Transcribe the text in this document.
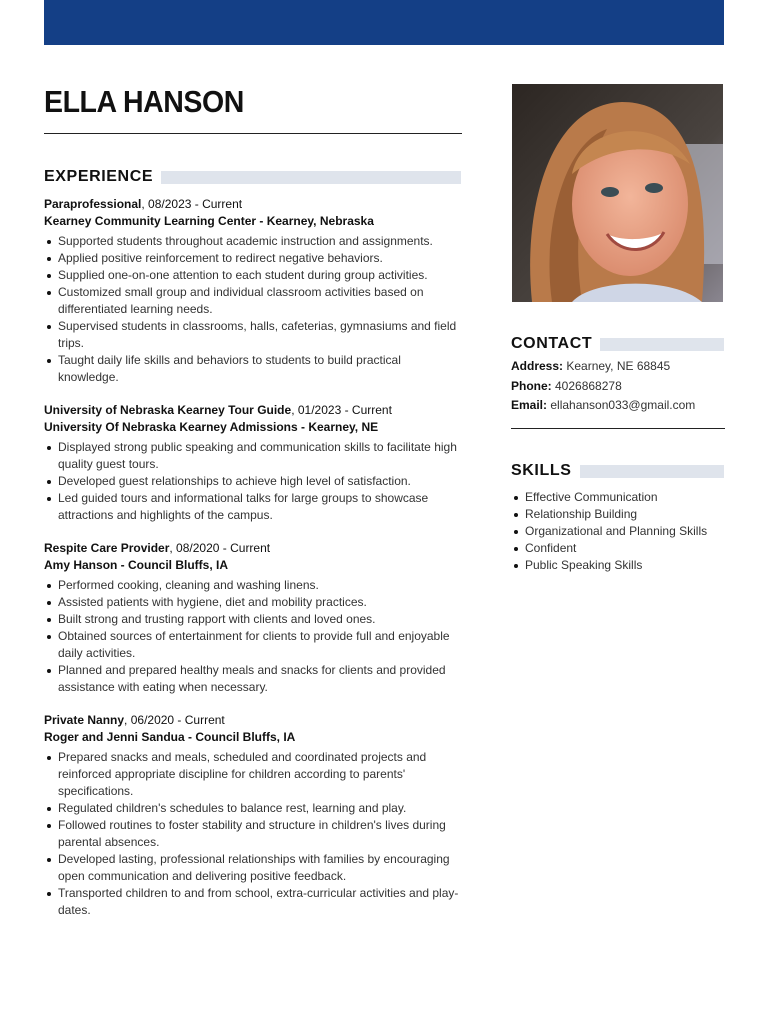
ELLA HANSON
EXPERIENCE
Paraprofessional, 08/2023 - Current
Kearney Community Learning Center - Kearney, Nebraska
Supported students throughout academic instruction and assignments.
Applied positive reinforcement to redirect negative behaviors.
Supplied one-on-one attention to each student during group activities.
Customized small group and individual classroom activities based on differentiated learning needs.
Supervised students in classrooms, halls, cafeterias, gymnasiums and field trips.
Taught daily life skills and behaviors to students to build practical knowledge.
University of Nebraska Kearney Tour Guide, 01/2023 - Current
University Of Nebraska Kearney Admissions - Kearney, NE
Displayed strong public speaking and communication skills to facilitate high quality guest tours.
Developed guest relationships to achieve high level of satisfaction.
Led guided tours and informational talks for large groups to showcase attractions and highlights of the campus.
Respite Care Provider, 08/2020 - Current
Amy Hanson - Council Bluffs, IA
Performed cooking, cleaning and washing linens.
Assisted patients with hygiene, diet and mobility practices.
Built strong and trusting rapport with clients and loved ones.
Obtained sources of entertainment for clients to provide full and enjoyable daily activities.
Planned and prepared healthy meals and snacks for clients and provided assistance with eating when necessary.
Private Nanny, 06/2020 - Current
Roger and Jenni Sandua - Council Bluffs, IA
Prepared snacks and meals, scheduled and coordinated projects and reinforced appropriate discipline for children according to parents' specifications.
Regulated children's schedules to balance rest, learning and play.
Followed routines to foster stability and structure in children's lives during parental absences.
Developed lasting, professional relationships with families by encouraging open communication and delivering positive feedback.
Transported children to and from school, extra-curricular activities and play-dates.
CONTACT
Address: Kearney, NE 68845
Phone: 4026868278
Email: ellahanson033@gmail.com
SKILLS
Effective Communication
Relationship Building
Organizational and Planning Skills
Confident
Public Speaking Skills
